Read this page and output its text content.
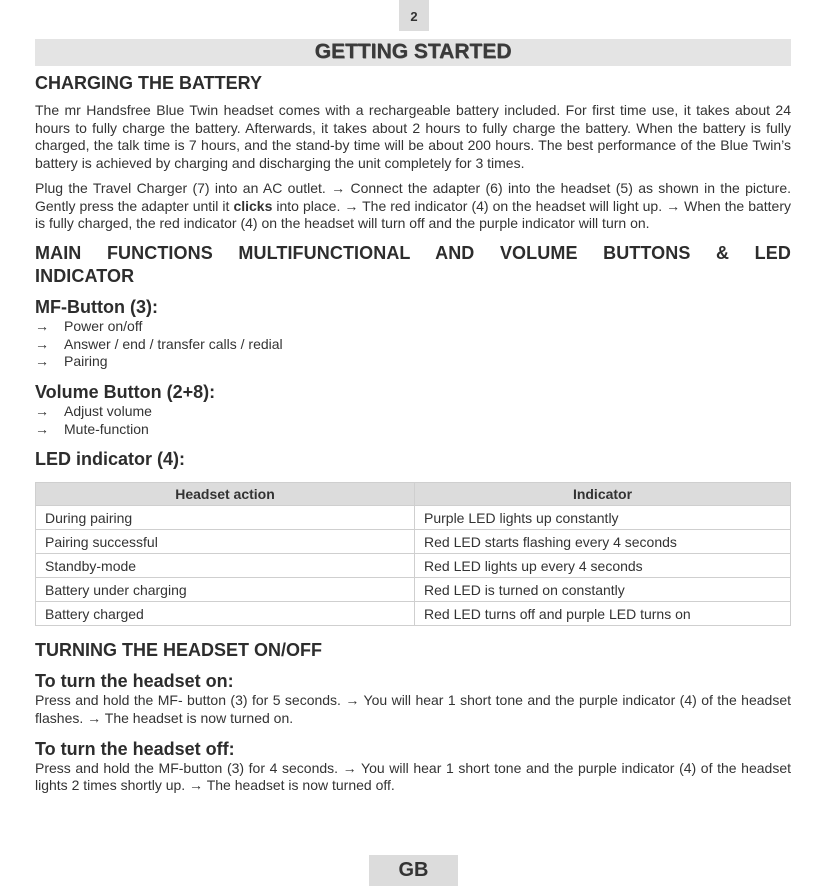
2
GETTING STARTED
CHARGING THE BATTERY

The mr Handsfree Blue Twin headset comes with a rechargeable battery included. For first time use, it takes about 24 hours to fully charge the battery. Afterwards, it takes about 2 hours to fully charge the battery. When the battery is fully charged, the talk time is 7 hours, and the stand-by time will be about 200 hours. The best performance of the Blue Twin’s battery is achieved by charging and discharging the unit completely for 3 times.

Plug the Travel Charger (7) into an AC outlet. → Connect the adapter (6) into the headset (5) as shown in the picture. Gently press the adapter until it clicks into place. → The red indicator (4) on the headset will light up. → When the battery is fully charged, the red indicator (4) on the headset will turn off and the purple indicator will turn on.

MAIN FUNCTIONS MULTIFUNCTIONAL AND VOLUME BUTTONS & LED
INDICATOR
MF-Button (3):
→	Power on/off
→	Answer / end / transfer calls / redial
→	Pairing
Volume Button (2+8):
→	Adjust volume
→	Mute-function
LED indicator (4):
Headset action	Indicator
During pairing	Purple LED lights up constantly
Pairing successful	Red LED starts flashing every 4 seconds
Standby-mode	Red LED lights up every 4 seconds
Battery under charging	Red LED is turned on constantly
Battery charged	Red LED turns off and purple LED turns on
TURNING THE HEADSET ON/OFF
To turn the headset on:

Press and hold the MF- button (3) for 5 seconds. → You will hear 1 short tone and the purple indicator (4) of the headset flashes. → The headset is now turned on.

To turn the headset off:

Press and hold the MF-button (3) for 4 seconds. → You will hear 1 short tone and the purple indicator (4) of the headset lights 2 times shortly up. → The headset is now turned off.

GB
